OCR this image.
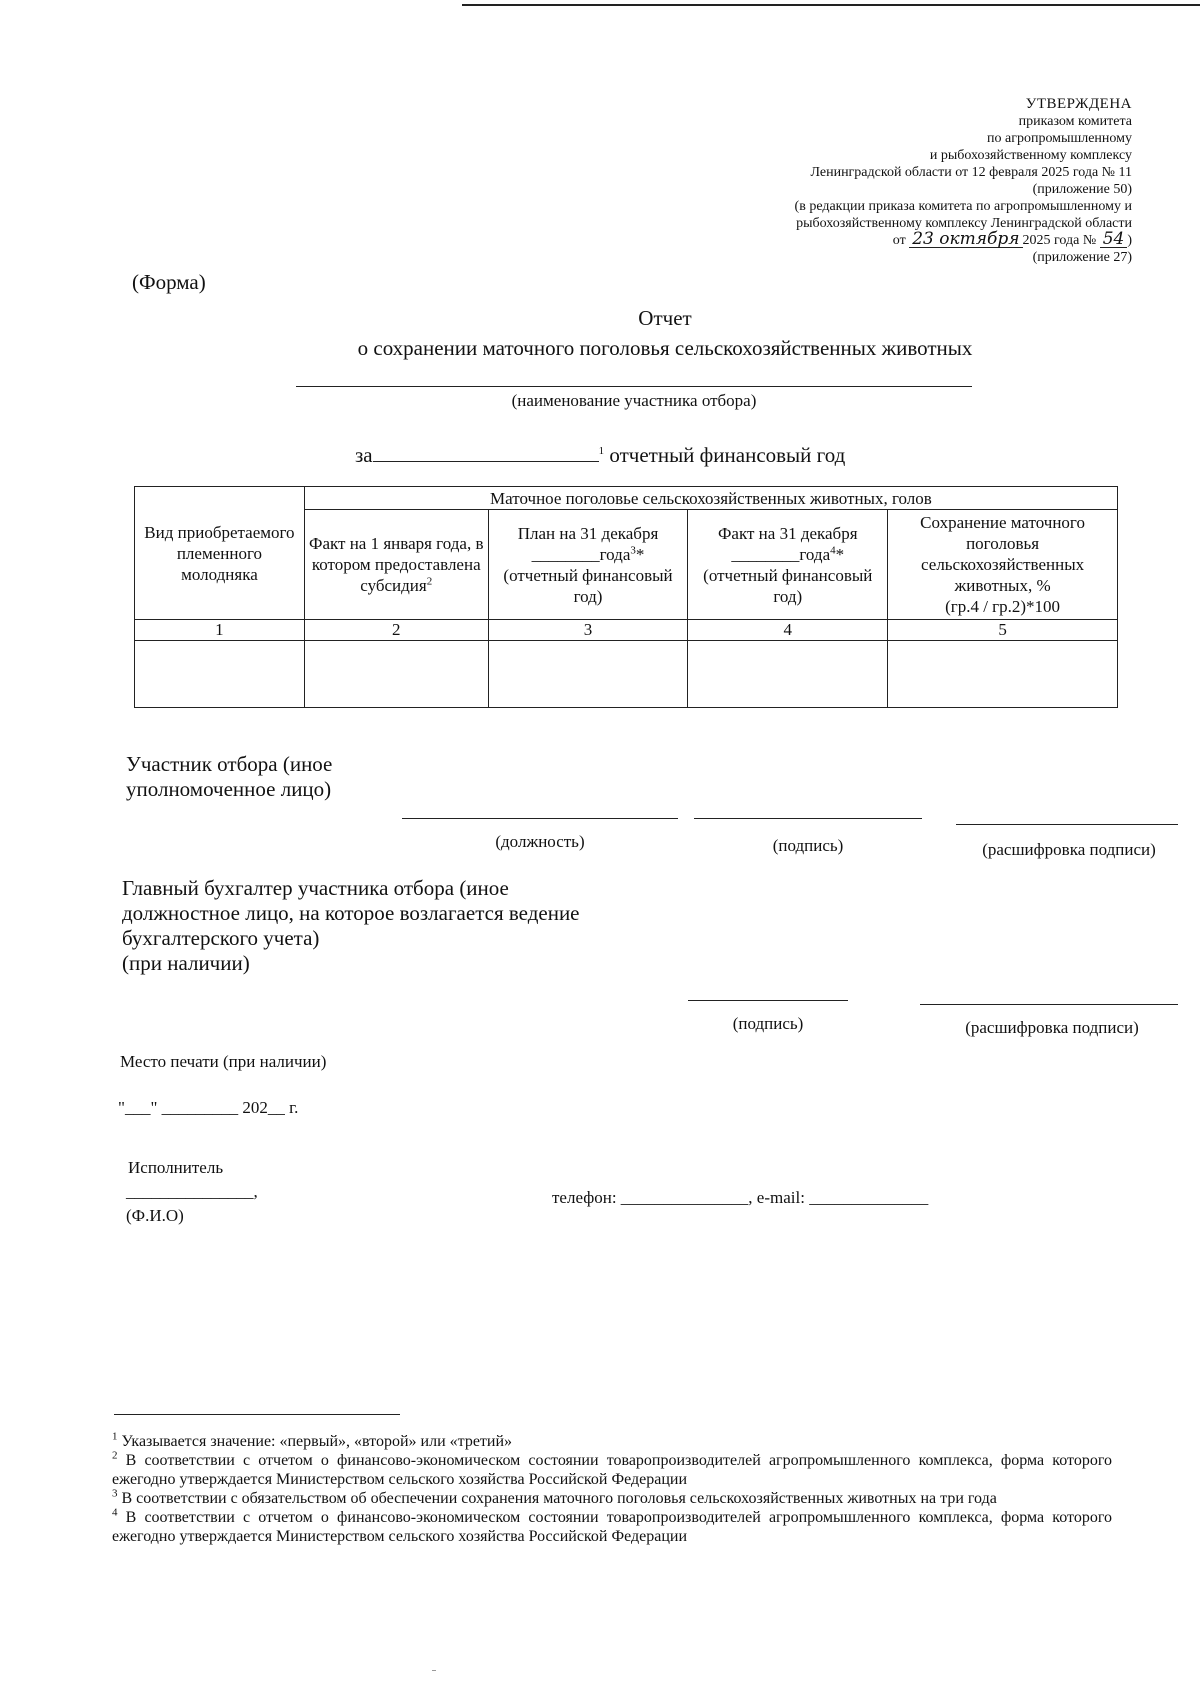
УТВЕРЖДЕНА
приказом комитета
по агропромышленному
и рыбохозяйственному комплексу
Ленинградской области от 12 февраля 2025 года № 11
(приложение 50)
(в редакции приказа комитета по агропромышленному и
рыбохозяйственному комплексу Ленинградской области
от 23 октября 2025 года № 54 )
(приложение 27)
(Форма)
Отчет
о сохранении маточного поголовья сельскохозяйственных животных
(наименование участника отбора)
за	$^1$ отчетный финансовый год
Вид приобретаемого племенного молодняка	Маточное поголовье сельскохозяйственных животных, голов			
	Факт на 1 января года, в котором предоставлена субсидия$^2$	План на 31 декабря
________года$^3$*
(отчетный финансовый год)	Факт на 31 декабря
________года$^4$*
(отчетный финансовый год)	Сохранение маточного поголовья сельскохозяйственных животных, %
(гр.4 / гр.2)*100
1	2	3	4	5

Участник отбора (иное уполномоченное лицо)
(должность)	(подпись)	(расшифровка подписи)
Главный бухгалтер участника отбора (иное
должностное лицо, на которое возлагается ведение
бухгалтерского учета)
(при наличии)
(подпись)	(расшифровка подписи)
Место печати (при наличии)
"___" _________ 202__ г.
Исполнитель
_______________,
(Ф.И.О)
телефон: _______________, e-mail: ______________

$^1$ Указывается значение: «первый», «второй» или «третий»

$^2$ В соответствии с отчетом о финансово-экономическом состоянии товаропроизводителей агропромышленного комплекса, форма которого ежегодно утверждается Министерством сельского хозяйства Российской Федерации

$^3$ В соответствии с обязательством об обеспечении сохранения маточного поголовья сельскохозяйственных животных на три года

$^4$ В соответствии с отчетом о финансово-экономическом состоянии товаропроизводителей агропромышленного комплекса, форма которого ежегодно утверждается Министерством сельского хозяйства Российской Федерации
